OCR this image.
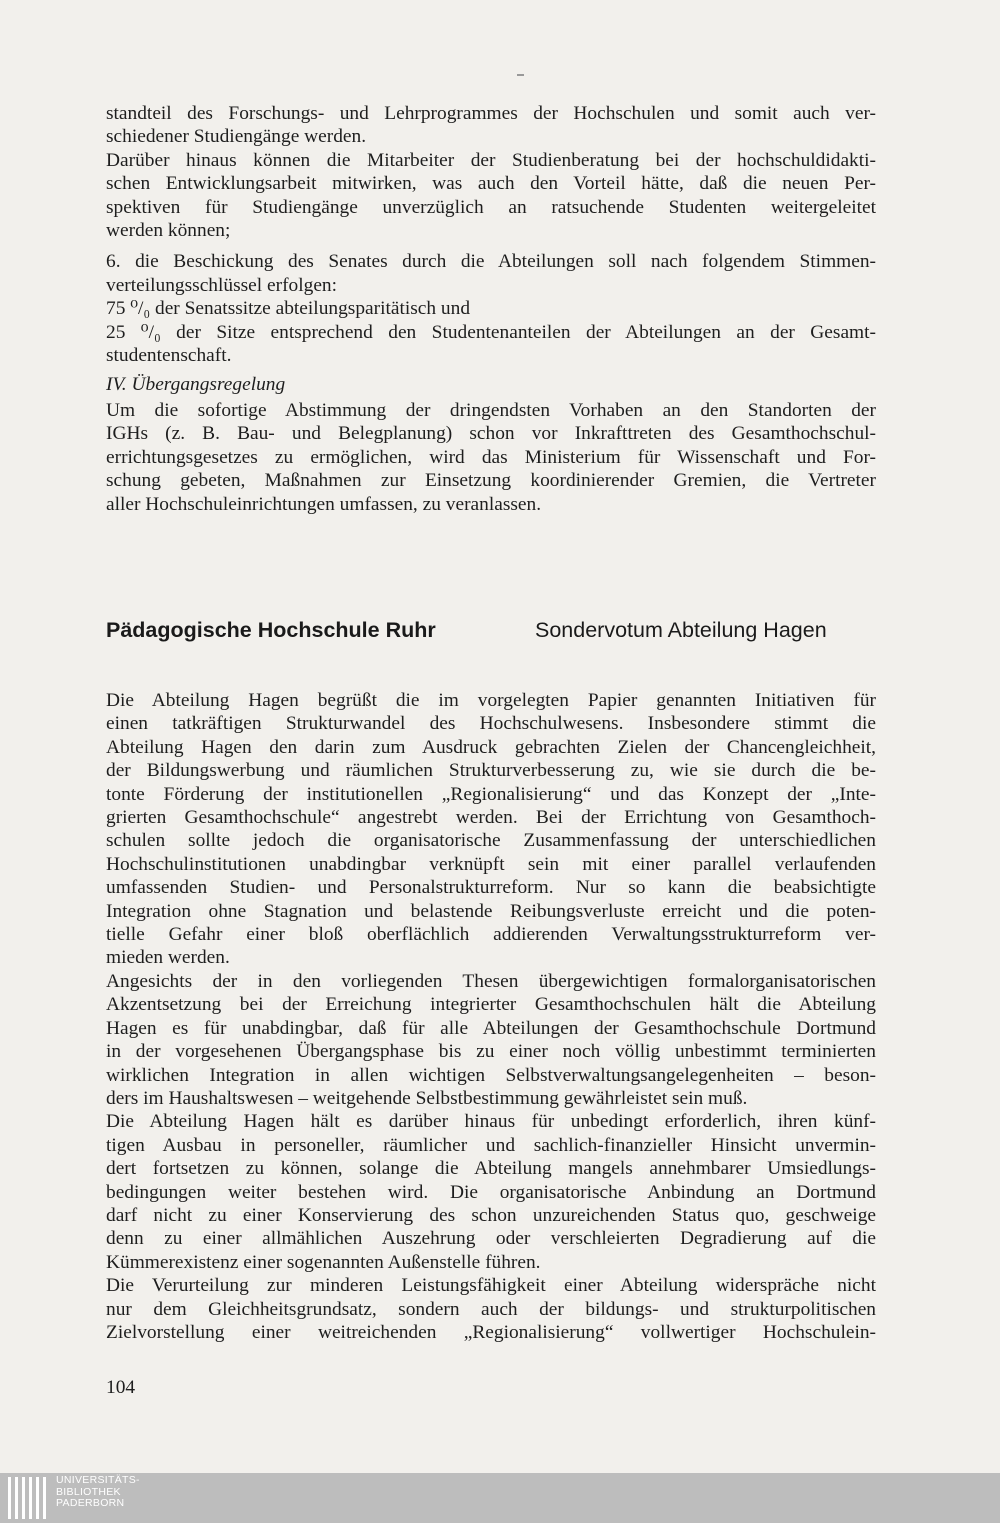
standteil des Forschungs- und Lehrprogrammes der Hochschulen und somit auch ver-
schiedener Studiengänge werden.

Darüber hinaus können die Mitarbeiter der Studienberatung bei der hochschuldidakti-
schen Entwicklungsarbeit mitwirken, was auch den Vorteil hätte, daß die neuen Per-
spektiven für Studiengänge unverzüglich an ratsuchende Studenten weitergeleitet
werden können;

6. die Beschickung des Senates durch die Abteilungen soll nach folgendem Stimmen-
verteilungsschlüssel erfolgen:
75 ⁰/₀ der Senatssitze abteilungsparitätisch und
25 ⁰/₀ der Sitze entsprechend den Studentenanteilen der Abteilungen an der Gesamt-
studentenschaft.

IV. Übergangsregelung

Um die sofortige Abstimmung der dringendsten Vorhaben an den Standorten der
IGHs (z. B. Bau- und Belegplanung) schon vor Inkrafttreten des Gesamthochschul-
errichtungsgesetzes zu ermöglichen, wird das Ministerium für Wissenschaft und For-
schung gebeten, Maßnahmen zur Einsetzung koordinierender Gremien, die Vertreter
aller Hochschuleinrichtungen umfassen, zu veranlassen.

Pädagogische Hochschule Ruhr	Sondervotum Abteilung Hagen

Die Abteilung Hagen begrüßt die im vorgelegten Papier genannten Initiativen für
einen tatkräftigen Strukturwandel des Hochschulwesens. Insbesondere stimmt die
Abteilung Hagen den darin zum Ausdruck gebrachten Zielen der Chancengleichheit,
der Bildungswerbung und räumlichen Strukturverbesserung zu, wie sie durch die be-
tonte Förderung der institutionellen „Regionalisierung“ und das Konzept der „Inte-
grierten Gesamthochschule“ angestrebt werden. Bei der Errichtung von Gesamthoch-
schulen sollte jedoch die organisatorische Zusammenfassung der unterschiedlichen
Hochschulinstitutionen unabdingbar verknüpft sein mit einer parallel verlaufenden
umfassenden Studien- und Personalstrukturreform. Nur so kann die beabsichtigte
Integration ohne Stagnation und belastende Reibungsverluste erreicht und die poten-
tielle Gefahr einer bloß oberflächlich addierenden Verwaltungsstrukturreform ver-
mieden werden.

Angesichts der in den vorliegenden Thesen übergewichtigen formalorganisatorischen
Akzentsetzung bei der Erreichung integrierter Gesamthochschulen hält die Abteilung
Hagen es für unabdingbar, daß für alle Abteilungen der Gesamthochschule Dortmund
in der vorgesehenen Übergangsphase bis zu einer noch völlig unbestimmt terminierten
wirklichen Integration in allen wichtigen Selbstverwaltungsangelegenheiten – beson-
ders im Haushaltswesen – weitgehende Selbstbestimmung gewährleistet sein muß.

Die Abteilung Hagen hält es darüber hinaus für unbedingt erforderlich, ihren künf-
tigen Ausbau in personeller, räumlicher und sachlich-finanzieller Hinsicht unvermin-
dert fortsetzen zu können, solange die Abteilung mangels annehmbarer Umsiedlungs-
bedingungen weiter bestehen wird. Die organisatorische Anbindung an Dortmund
darf nicht zu einer Konservierung des schon unzureichenden Status quo, geschweige
denn zu einer allmählichen Auszehrung oder verschleierten Degradierung auf die
Kümmerexistenz einer sogenannten Außenstelle führen.

Die Verurteilung zur minderen Leistungsfähigkeit einer Abteilung widerspräche nicht
nur dem Gleichheitsgrundsatz, sondern auch der bildungs- und strukturpolitischen
Zielvorstellung einer weitreichenden „Regionalisierung“ vollwertiger Hochschulein-

104
UNIVERSITÄTS-
BIBLIOTHEK
PADERBORN
